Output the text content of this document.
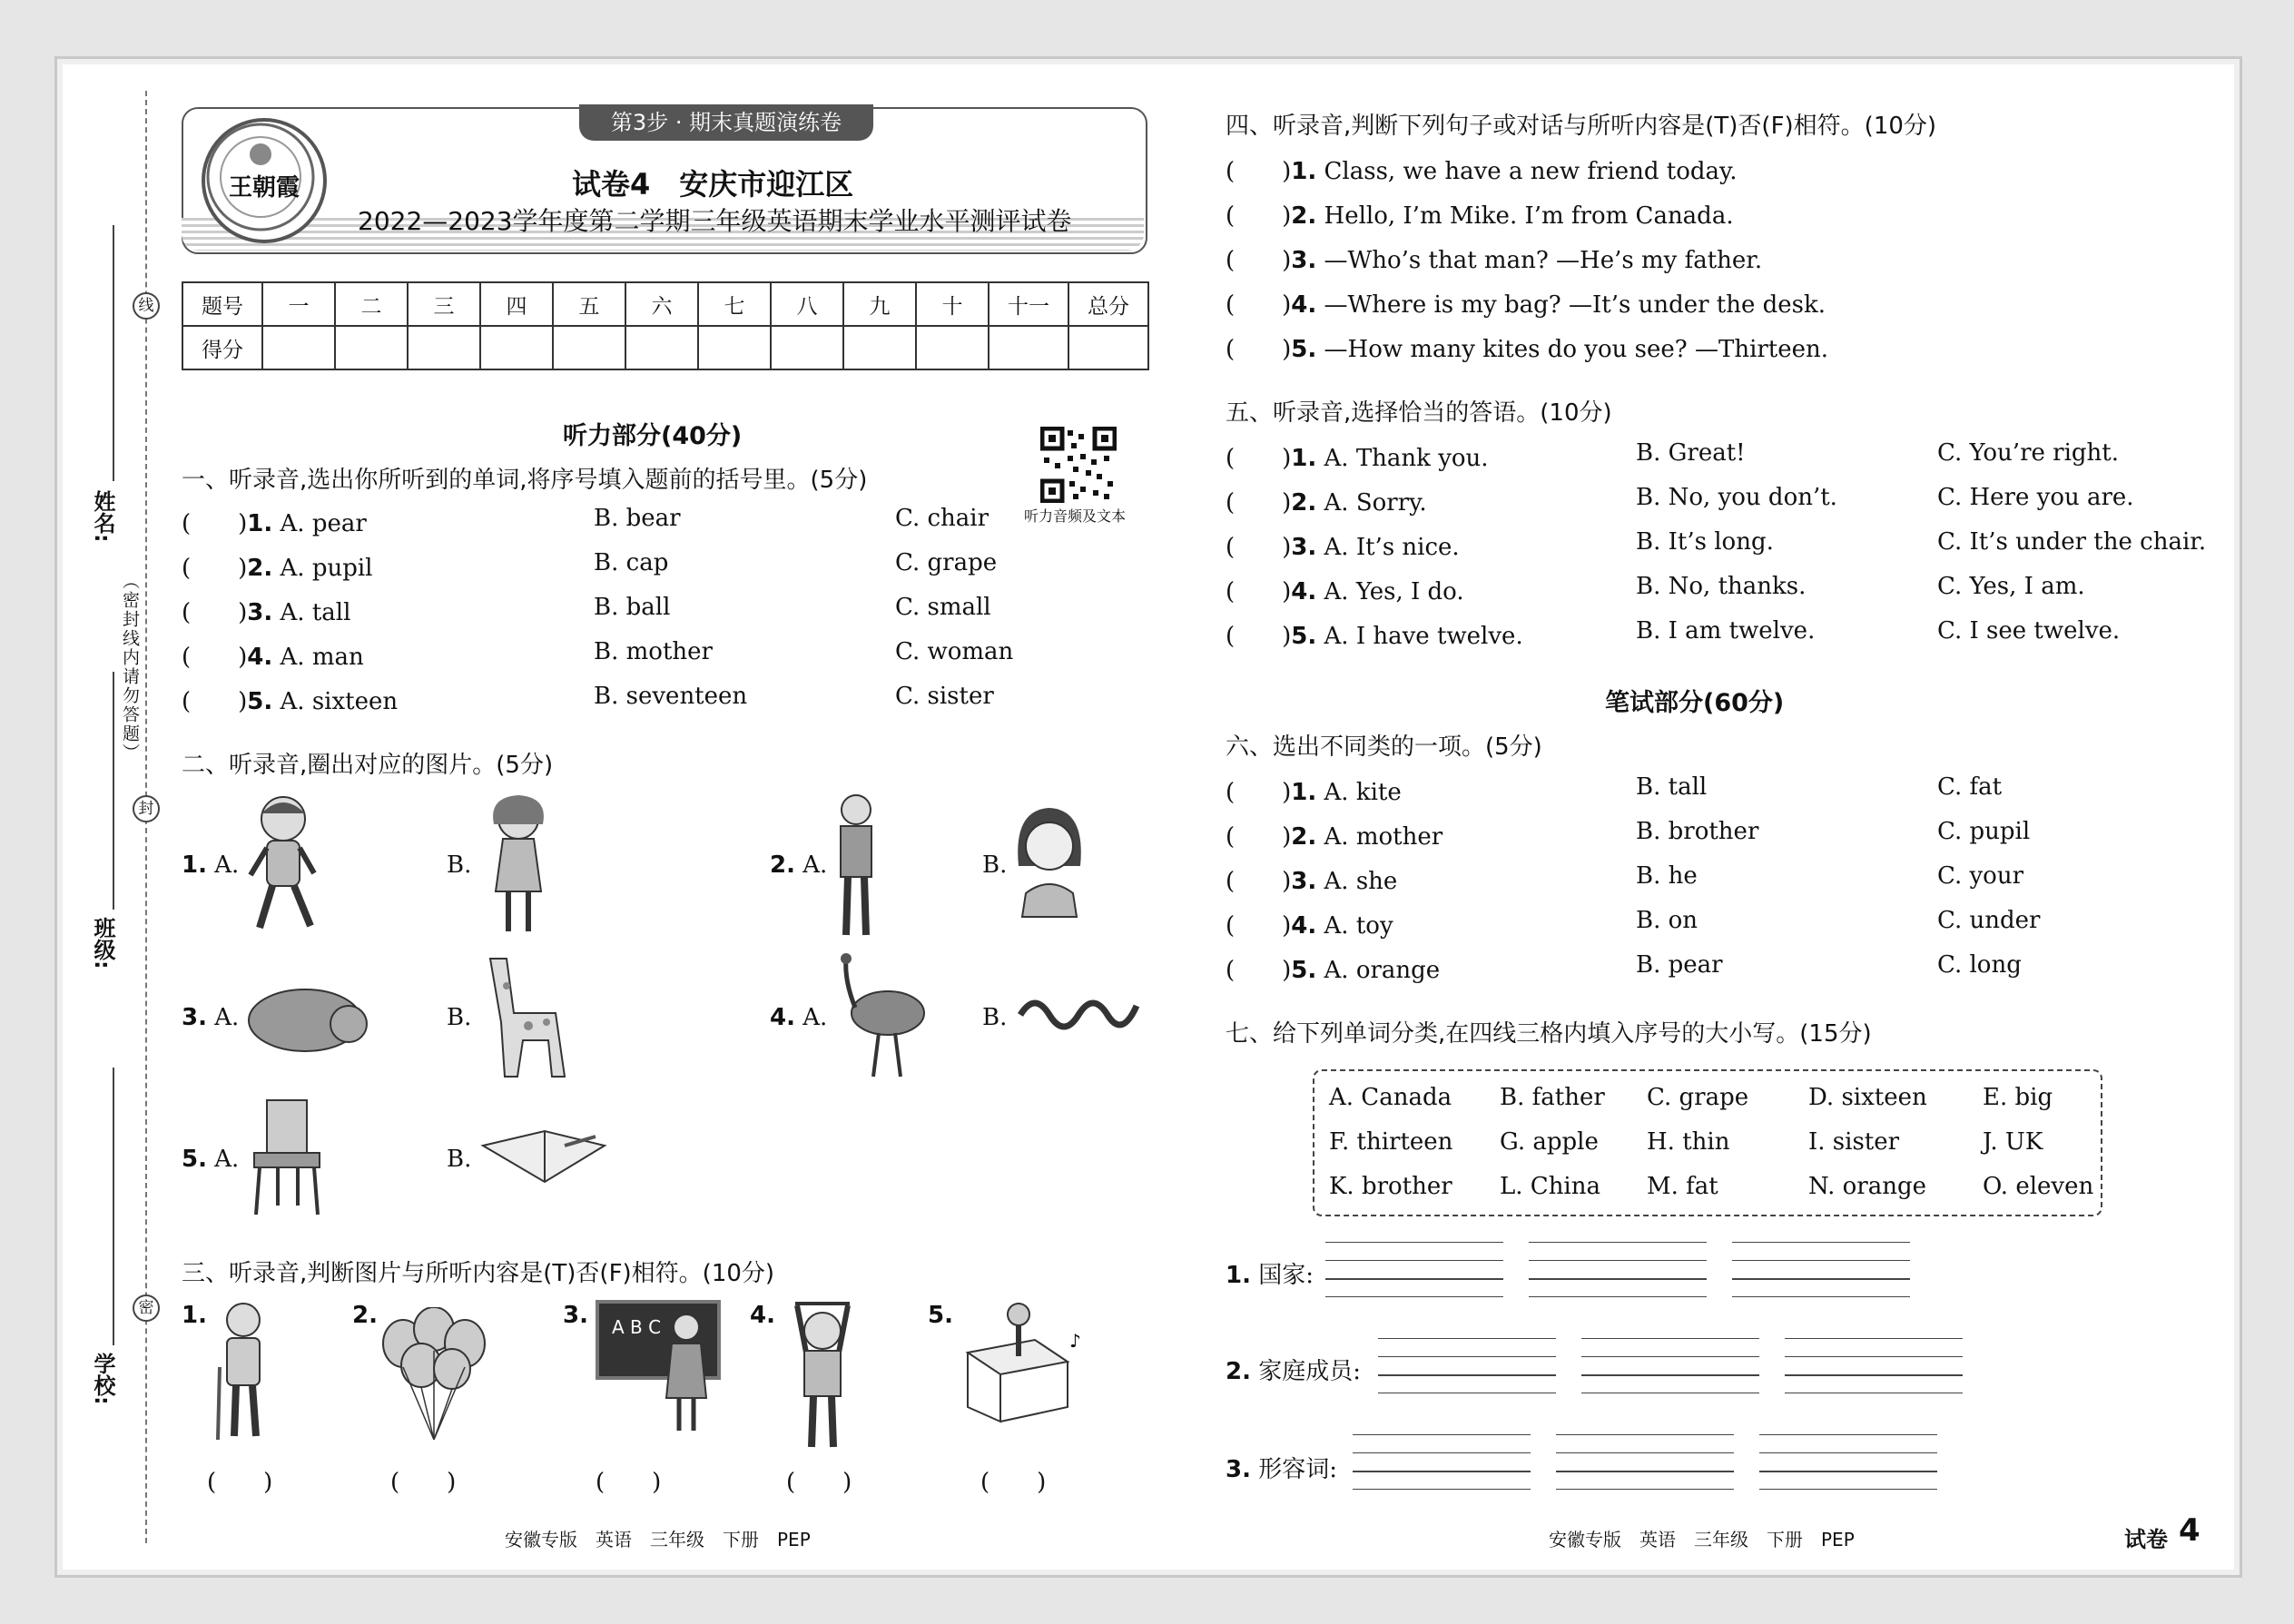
线
封
密
（密封线内请勿答题）
姓名:
班级:
学校:
第3步 · 期末真题演练卷
王朝霞	试卷4　安庆市迎江区
2022—2023学年度第二学期三年级英语期末学业水平测评试卷
题号	一	二	三	四	五	六	七	八	九	十	十一	总分
得分												
听力部分(40分)
听力音频及文本
一、听录音,选出你所听到的单词,将序号填入题前的括号里。(5分)
(　　)1. A. pear	B. bear	C. chair
(　　)2. A. pupil	B. cap	C. grape
(　　)3. A. tall	B. ball	C. small
(　　)4. A. man	B. mother	C. woman
(　　)5. A. sixteen	B. seventeen	C. sister
二、听录音,圈出对应的图片。(5分)
1. A.	B.	2. A.	B.
3. A.	B.	4. A.	B.
5. A.	B.
三、听录音,判断图片与所听内容是(T)否(F)相符。(10分)
1.	2.	3.	4.	5.
A B C
♪
(　　)	(　　)	(　　)	(　　)	(　　)
安徽专版　英语　三年级　下册　PEP
四、听录音,判断下列句子或对话与所听内容是(T)否(F)相符。(10分)
(　　)1. Class, we have a new friend today.
(　　)2. Hello, I’m Mike. I’m from Canada.
(　　)3. —Who’s that man? —He’s my father.
(　　)4. —Where is my bag? —It’s under the desk.
(　　)5. —How many kites do you see? —Thirteen.
五、听录音,选择恰当的答语。(10分)
(　　)1. A. Thank you.	B. Great!	C. You’re right.
(　　)2. A. Sorry.	B. No, you don’t.	C. Here you are.
(　　)3. A. It’s nice.	B. It’s long.	C. It’s under the chair.
(　　)4. A. Yes, I do.	B. No, thanks.	C. Yes, I am.
(　　)5. A. I have twelve.	B. I am twelve.	C. I see twelve.
笔试部分(60分)
六、选出不同类的一项。(5分)
(　　)1. A. kite	B. tall	C. fat
(　　)2. A. mother	B. brother	C. pupil
(　　)3. A. she	B. he	C. your
(　　)4. A. toy	B. on	C. under
(　　)5. A. orange	B. pear	C. long
七、给下列单词分类,在四线三格内填入序号的大小写。(15分)
A. Canada B. father C. grape	D. sixteen E. big
F. thirteen G. apple H. thin	I. sister	J. UK
K. brother L. China M. fat	N. orange O. eleven
1. 国家:
2. 家庭成员:
3. 形容词:
安徽专版　英语　三年级　下册　PEP	试卷 4
